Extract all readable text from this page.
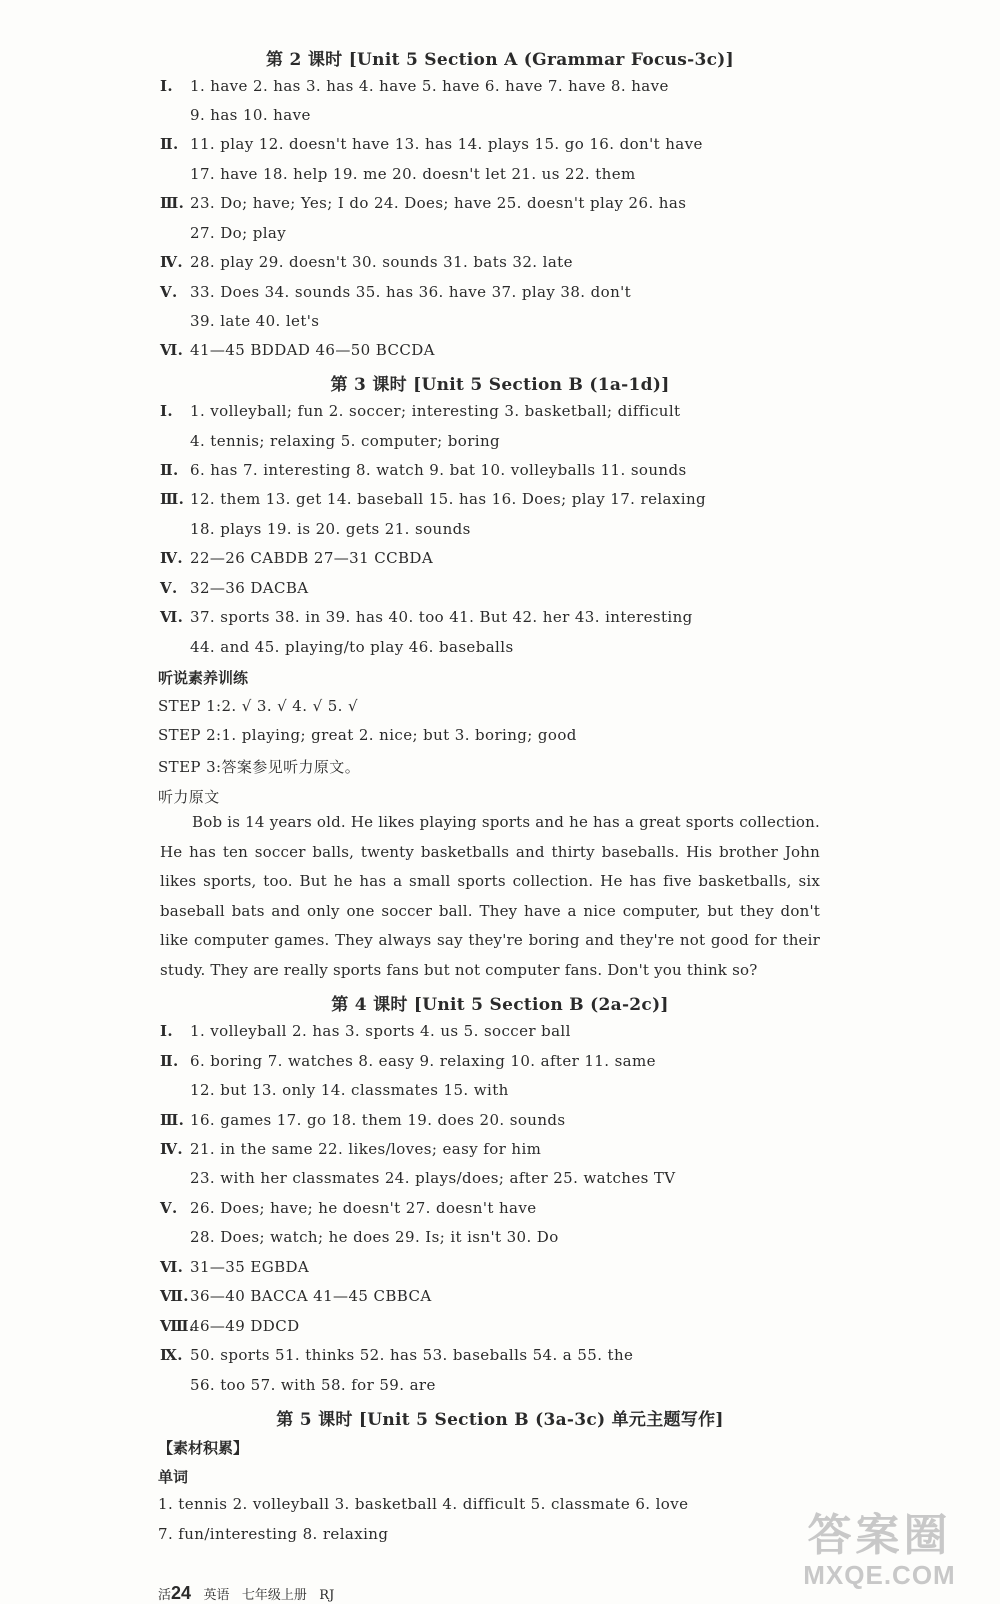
第 2 课时 [Unit 5 Section A (Grammar Focus-3c)]
Ⅰ. 1. have 2. has 3. has 4. have 5. have 6. have 7. have 8. have
9. has 10. have
Ⅱ. 11. play 12. doesn't have 13. has 14. plays 15. go 16. don't have
17. have 18. help 19. me 20. doesn't let 21. us 22. them
Ⅲ. 23. Do; have; Yes; I do 24. Does; have 25. doesn't play 26. has
27. Do; play
Ⅳ. 28. play 29. doesn't 30. sounds 31. bats 32. late
Ⅴ. 33. Does 34. sounds 35. has 36. have 37. play 38. don't
39. late 40. let's
Ⅵ. 41—45 BDDAD 46—50 BCCDA
第 3 课时 [Unit 5 Section B (1a-1d)]
Ⅰ. 1. volleyball; fun 2. soccer; interesting 3. basketball; difficult
4. tennis; relaxing 5. computer; boring
Ⅱ. 6. has 7. interesting 8. watch 9. bat 10. volleyballs 11. sounds
Ⅲ. 12. them 13. get 14. baseball 15. has 16. Does; play 17. relaxing
18. plays 19. is 20. gets 21. sounds
Ⅳ. 22—26 CABDB 27—31 CCBDA
Ⅴ. 32—36 DACBA
Ⅵ. 37. sports 38. in 39. has 40. too 41. But 42. her 43. interesting
44. and 45. playing/to play 46. baseballs
听说素养训练
STEP 1:2. √ 3. √ 4. √ 5. √
STEP 2:1. playing; great 2. nice; but 3. boring; good
STEP 3:答案参见听力原文。
听力原文
Bob is 14 years old. He likes playing sports and he has a great sports collection. He has ten soccer balls, twenty basketballs and thirty baseballs. His brother John likes sports, too. But he has a small sports collection. He has five basketballs, six baseball bats and only one soccer ball. They have a nice computer, but they don't like computer games. They always say they're boring and they're not good for their study. They are really sports fans but not computer fans. Don't you think so?
第 4 课时 [Unit 5 Section B (2a-2c)]
Ⅰ. 1. volleyball 2. has 3. sports 4. us 5. soccer ball
Ⅱ. 6. boring 7. watches 8. easy 9. relaxing 10. after 11. same
12. but 13. only 14. classmates 15. with
Ⅲ. 16. games 17. go 18. them 19. does 20. sounds
Ⅳ. 21. in the same 22. likes/loves; easy for him
23. with her classmates 24. plays/does; after 25. watches TV
Ⅴ. 26. Does; have; he doesn't 27. doesn't have
28. Does; watch; he does 29. Is; it isn't 30. Do
Ⅵ. 31—35 EGBDA
Ⅶ.36—40 BACCA 41—45 CBBCA
Ⅷ.46—49 DDCD
Ⅸ. 50. sports 51. thinks 52. has 53. baseballs 54. a 55. the
56. too 57. with 58. for 59. are
第 5 课时 [Unit 5 Section B (3a-3c) 单元主题写作]
【素材积累】
单词
1. tennis 2. volleyball 3. basketball 4. difficult 5. classmate 6. love
7. fun/interesting 8. relaxing
活24 英语 七年级上册 RJ
答案圈
MXQE.COM
